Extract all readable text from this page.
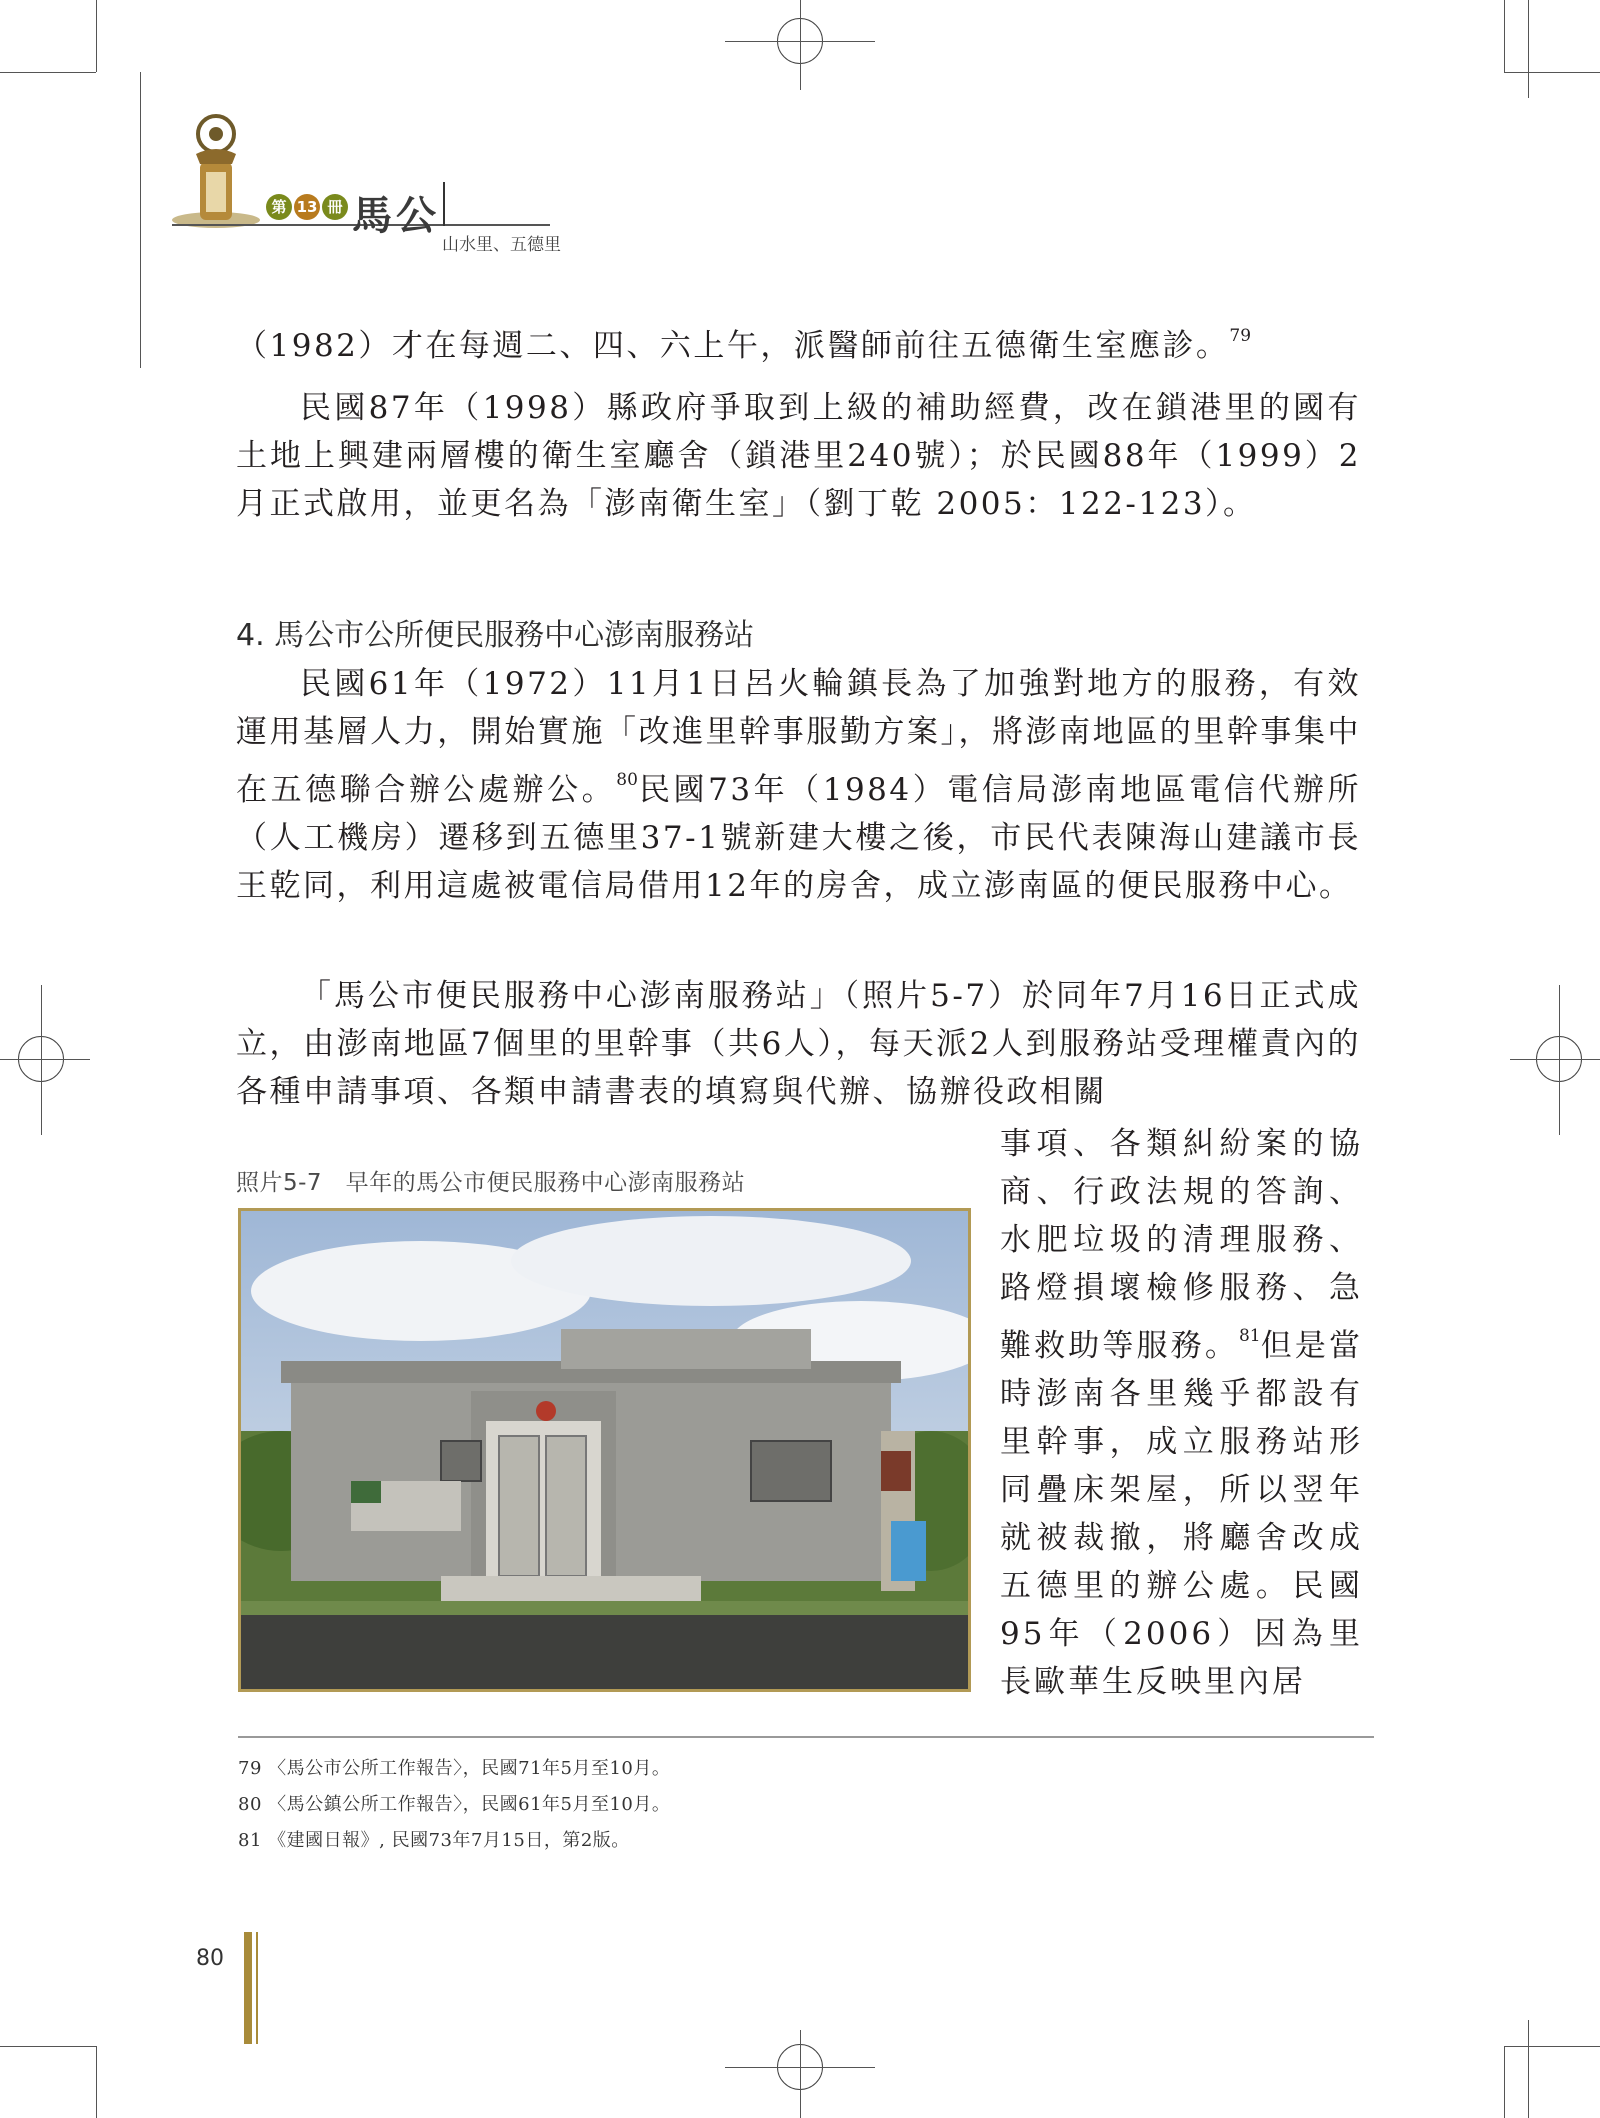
第 13 冊 馬公
山水里、五德里
（1982）才在每週二、四、六上午，派醫師前往五德衛生室應診。$^{79}$
民國87年（1998）縣政府爭取到上級的補助經費，改在鎖港里的國有土地上興建兩層樓的衛生室廳舍（鎖港里240號）；於民國88年（1999）2月正式啟用，並更名為「澎南衛生室」（劉丁乾 2005：122-123）。
4. 馬公市公所便民服務中心澎南服務站
民國61年（1972）11月1日呂火輪鎮長為了加強對地方的服務，有效運用基層人力，開始實施「改進里幹事服勤方案」，將澎南地區的里幹事集中在五德聯合辦公處辦公。$^{80}$民國73年（1984）電信局澎南地區電信代辦所（人工機房）遷移到五德里37-1號新建大樓之後，市民代表陳海山建議市長王乾同，利用這處被電信局借用12年的房舍，成立澎南區的便民服務中心。
「馬公市便民服務中心澎南服務站」（照片5-7）於同年7月16日正式成立，由澎南地區7個里的里幹事（共6人），每天派2人到服務站受理權責內的各種申請事項、各類申請書表的填寫與代辦、協辦役政相關
事項、各類糾紛案的協商、行政法規的答詢、水肥垃圾的清理服務、路燈損壞檢修服務、急難救助等服務。$^{81}$但是當時澎南各里幾乎都設有里幹事，成立服務站形同疊床架屋，所以翌年就被裁撤，將廳舍改成五德里的辦公處。民國95年（2006）因為里長歐華生反映里內居
照片5-7　早年的馬公市便民服務中心澎南服務站
79 〈馬公市公所工作報告〉，民國71年5月至10月。
80 〈馬公鎮公所工作報告〉，民國61年5月至10月。
81 《建國日報》, 民國73年7月15日，第2版。
80
